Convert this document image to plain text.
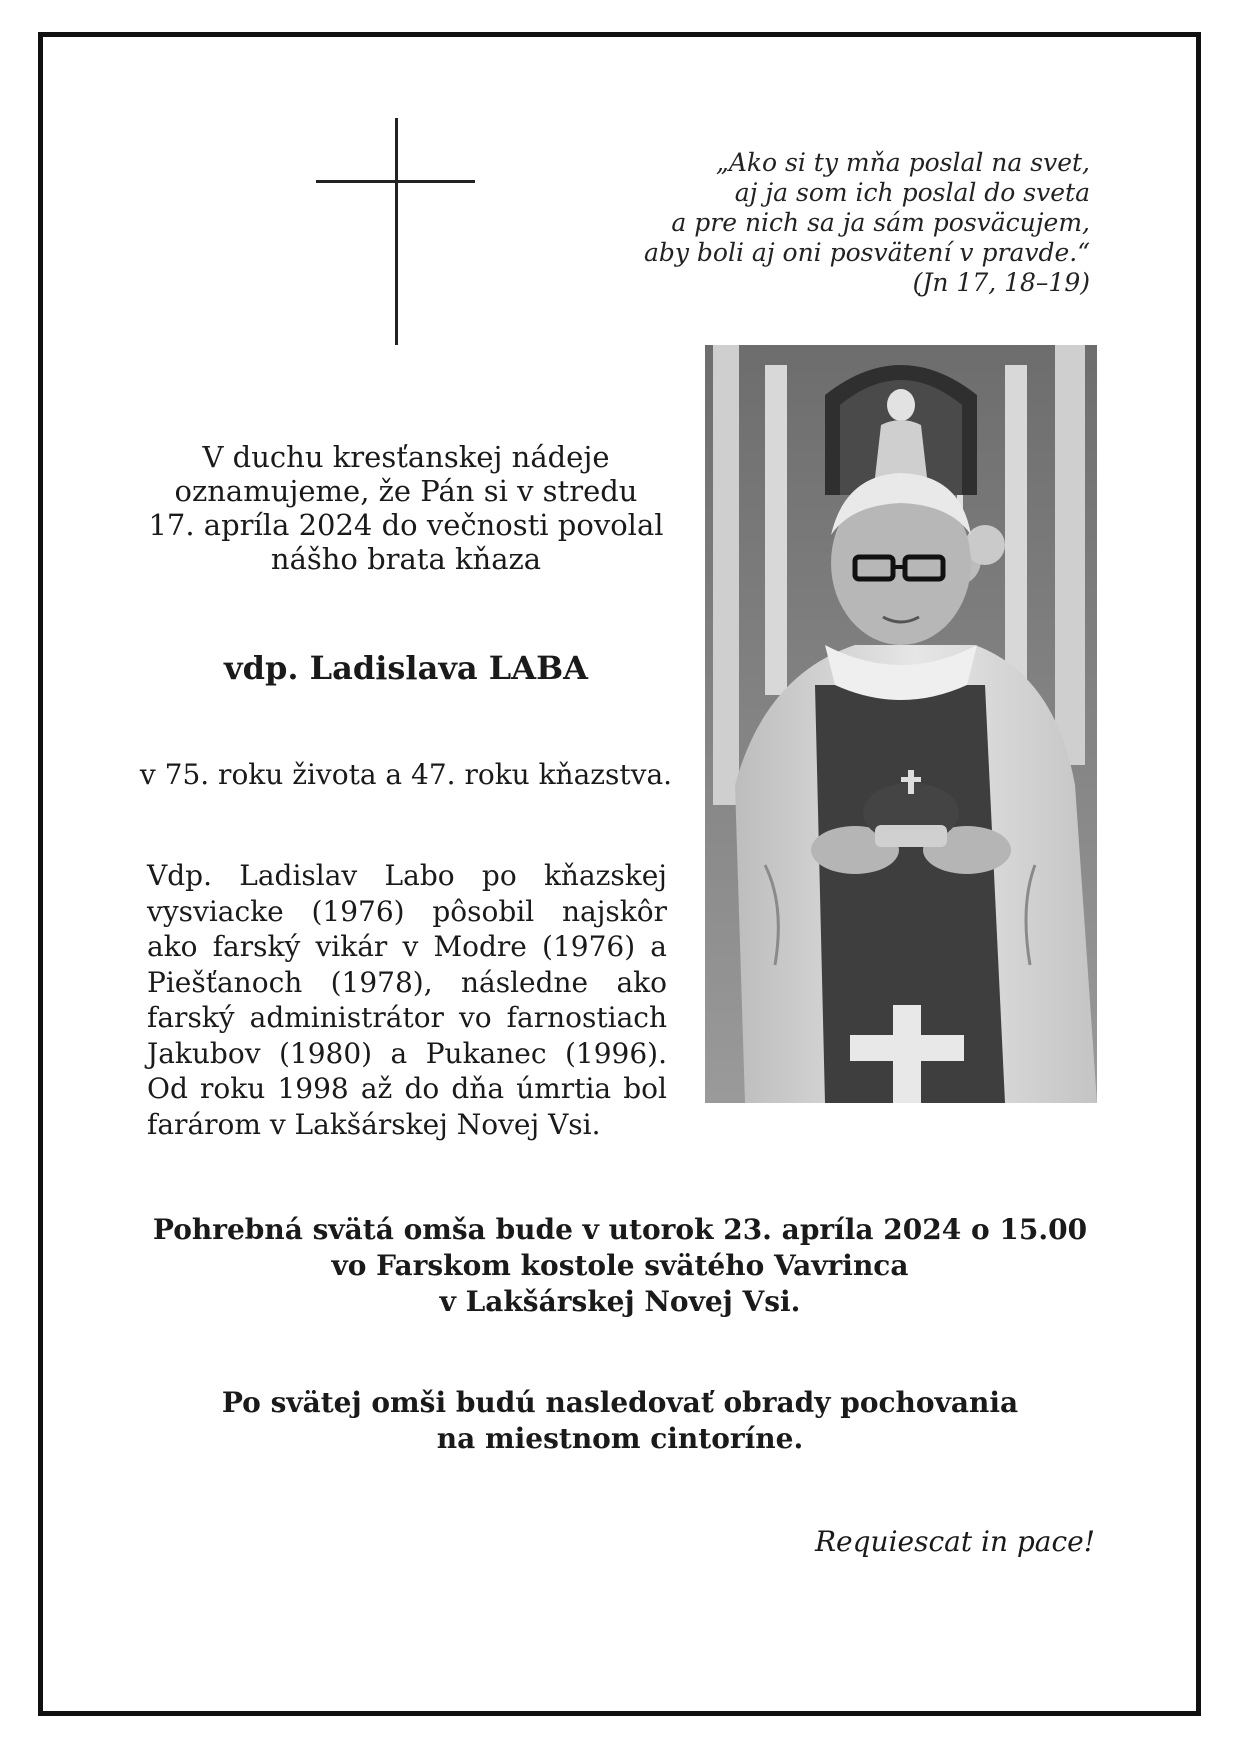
„Ako si ty mňa poslal na svet,
aj ja som ich poslal do sveta
a pre nich sa ja sám posväcujem,
aby boli aj oni posvätení v pravde.“
(Jn 17, 18–19)
V duchu kresťanskej nádeje
oznamujeme, že Pán si v stredu
17. apríla 2024 do večnosti povolal
nášho brata kňaza
vdp. Ladislava LABA
v 75. roku života a 47. roku kňazstva.
Vdp. Ladislav Labo po kňazskej vysviacke (1976) pôsobil najskôr ako farský vikár v Modre (1976) a Piešťanoch (1978), následne ako farský administrátor vo farnostiach Jakubov (1980) a Pukanec (1996). Od roku 1998 až do dňa úmrtia bol farárom v Lakšárskej Novej Vsi.
Pohrebná svätá omša bude v utorok 23. apríla 2024 o 15.00
vo Farskom kostole svätého Vavrinca
v Lakšárskej Novej Vsi.
Po svätej omši budú nasledovať obrady pochovania
na miestnom cintoríne.
Requiescat in pace!
